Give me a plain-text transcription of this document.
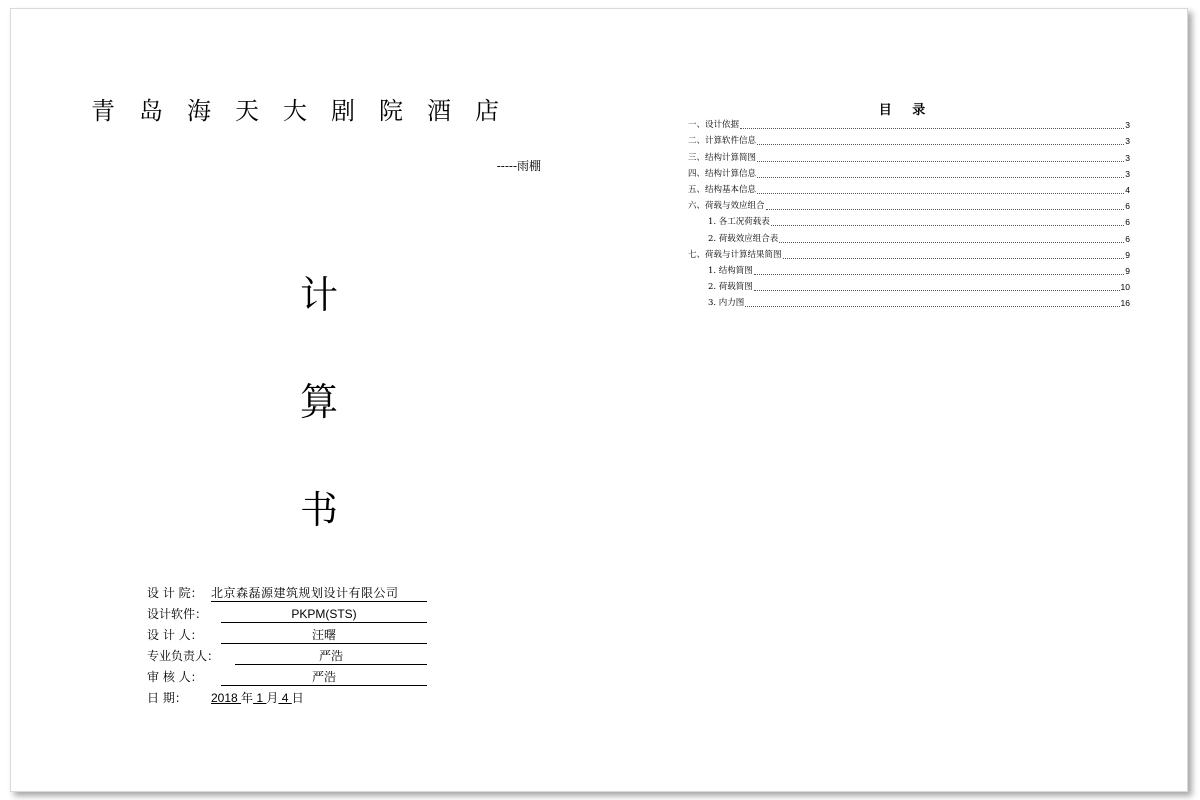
青岛海天大剧院酒店
-----雨棚
计
算
书
设 计 院： 北京森磊源建筑规划设计有限公司
设计软件：	PKPM(STS)
设 计 人：	汪曙
专业负责人：	严浩
审 核 人：	严浩
日 期： 2018 年 1 月 4 日
目 录
一、设计依据	3
二、计算软件信息	3
三、结构计算简图	3
四、结构计算信息	3
五、结构基本信息	4
六、荷载与效应组合	6
1. 各工况荷载表	6
2. 荷载效应组合表	6
七、荷载与计算结果简图	9
1. 结构简图	9
2. 荷载简图	10
3. 内力图	16
